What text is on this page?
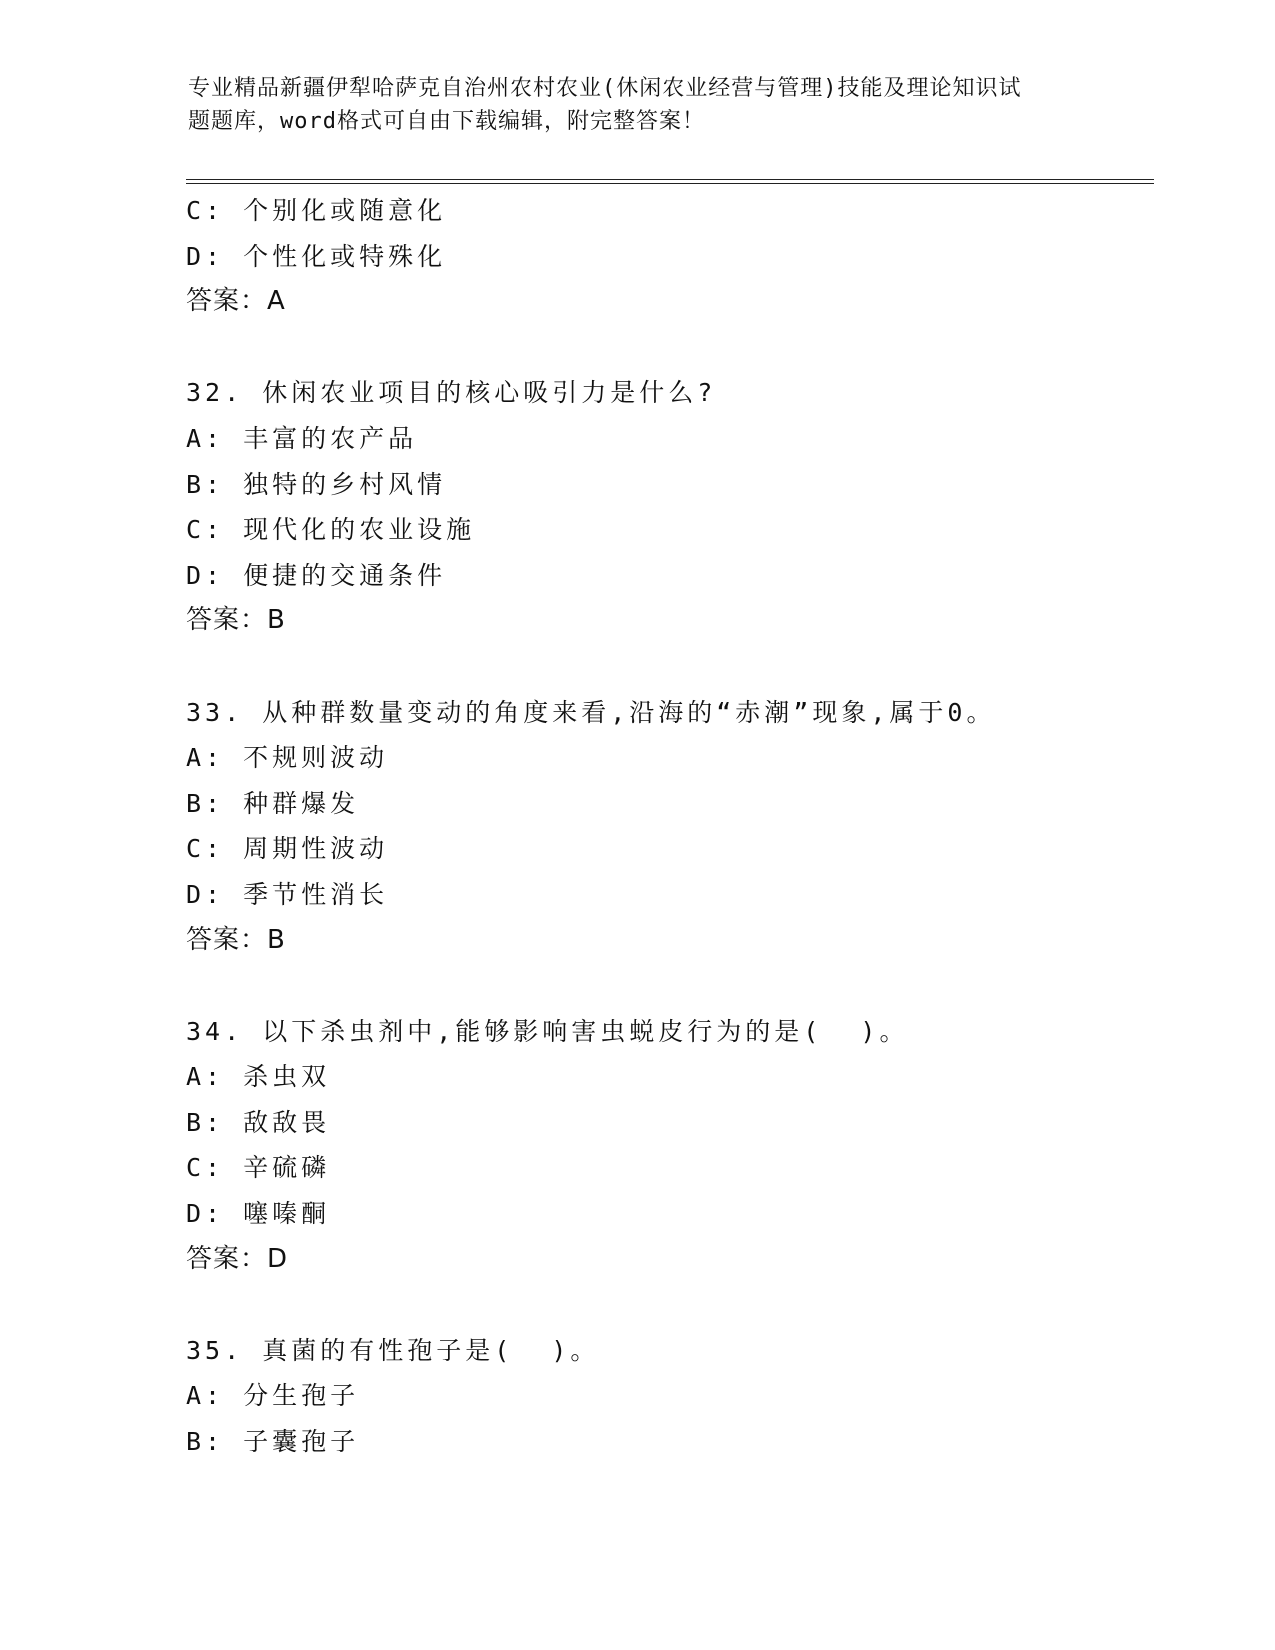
专业精品新疆伊犁哈萨克自治州农村农业(休闲农业经营与管理)技能及理论知识试
题题库，word格式可自由下载编辑，附完整答案！
C: 个别化或随意化
D: 个性化或特殊化
答案：A
32. 休闲农业项目的核心吸引力是什么?
A: 丰富的农产品
B: 独特的乡村风情
C: 现代化的农业设施
D: 便捷的交通条件
答案：B
33. 从种群数量变动的角度来看,沿海的“赤潮”现象,属于0。
A: 不规则波动
B: 种群爆发
C: 周期性波动
D: 季节性消长
答案：B
34. 以下杀虫剂中,能够影响害虫蜕皮行为的是(  )。
A: 杀虫双
B: 敌敌畏
C: 辛硫磷
D: 噻嗪酮
答案：D
35. 真菌的有性孢子是(  )。
A: 分生孢子
B: 子囊孢子
